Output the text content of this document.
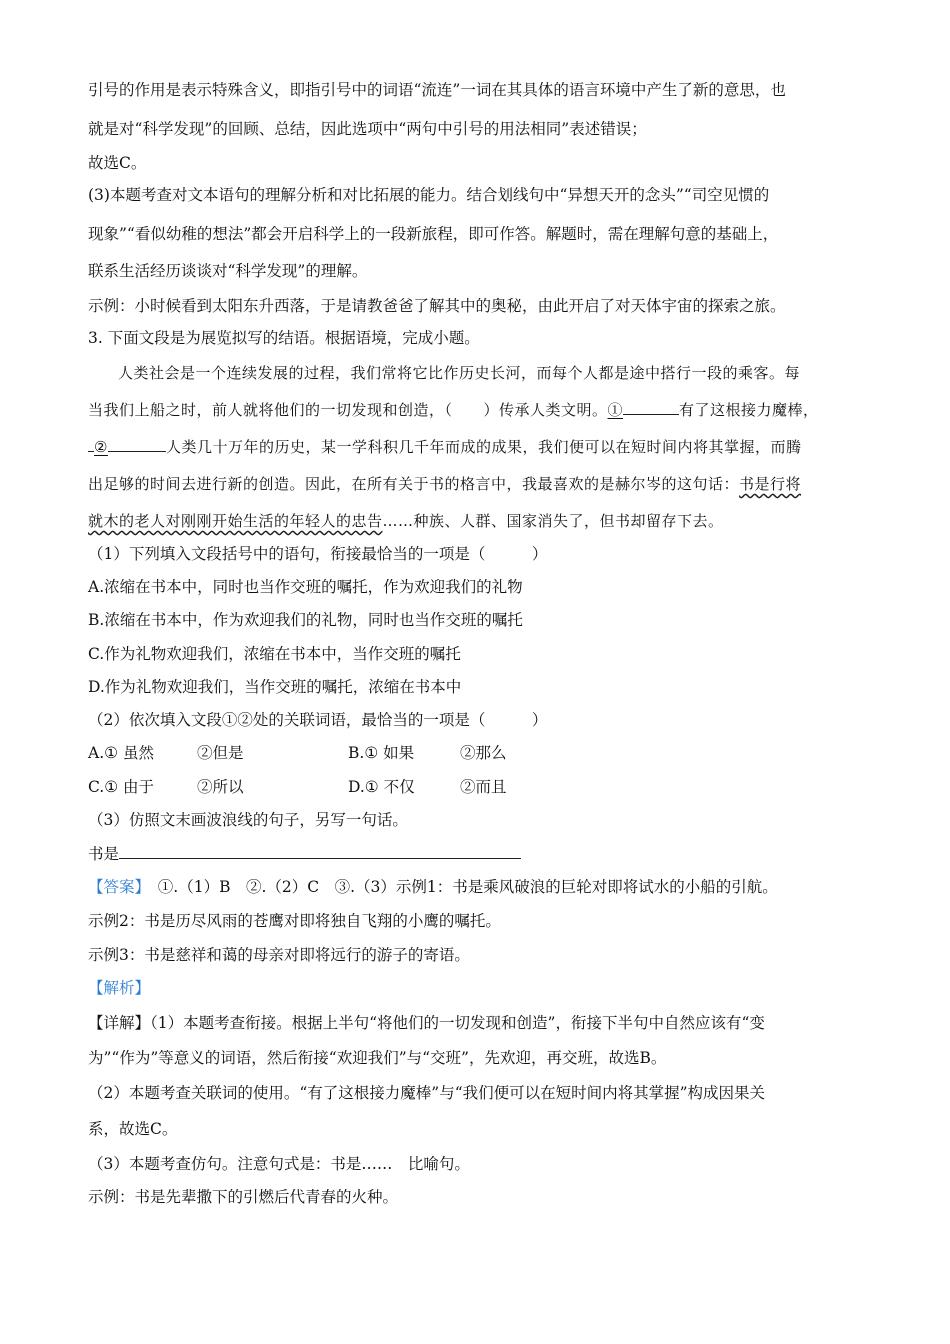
引号的作用是表示特殊含义，即指引号中的词语“流连”一词在其具体的语言环境中产生了新的意思，也
就是对“科学发现”的回顾、总结，因此选项中“两句中引号的用法相同”表述错误；
故选C。
(3)本题考查对文本语句的理解分析和对比拓展的能力。结合划线句中“异想天开的念头”“司空见惯的
现象”“看似幼稚的想法”都会开启科学上的一段新旅程，即可作答。解题时，需在理解句意的基础上，
联系生活经历谈谈对“科学发现”的理解。
示例：小时候看到太阳东升西落，于是请教爸爸了解其中的奥秘，由此开启了对天体宇宙的探索之旅。
3. 下面文段是为展览拟写的结语。根据语境，完成小题。
人类社会是一个连续发展的过程，我们常将它比作历史长河，而每个人都是途中搭行一段的乘客。每
当我们上船之时，前人就将他们的一切发现和创造，（　　）传承人类文明。①	有了这根接力魔棒，
②	人类几十万年的历史，某一学科积几千年而成的成果，我们便可以在短时间内将其掌握，而腾
出足够的时间去进行新的创造。因此，在所有关于书的格言中，我最喜欢的是赫尔岑的这句话：书是行将
就木的老人对刚刚开始生活的年轻人的忠告……种族、人群、国家消失了，但书却留存下去。
（1）下列填入文段括号中的语句，衔接最恰当的一项是（　　　）
A.浓缩在书本中，同时也当作交班的嘱托，作为欢迎我们的礼物
B.浓缩在书本中，作为欢迎我们的礼物，同时也当作交班的嘱托
C.作为礼物欢迎我们，浓缩在书本中，当作交班的嘱托
D.作为礼物欢迎我们，当作交班的嘱托，浓缩在书本中
（2）依次填入文段①②处的关联词语，最恰当的一项是（　　　）
A.① 虽然	②但是	B.① 如果	②那么
C.① 由于	②所以	D.① 不仅	②而且
（3）仿照文末画波浪线的句子，另写一句话。
书是
【答案】　 ①.（1）B　②.（2）C　③.（3）示例1：书是乘风破浪的巨轮对即将试水的小船的引航。
示例2：书是历尽风雨的苍鹰对即将独自飞翔的小鹰的嘱托。
示例3：书是慈祥和蔼的母亲对即将远行的游子的寄语。
【解析】
【详解】（1）本题考查衔接。根据上半句“将他们的一切发现和创造”，衔接下半句中自然应该有“变
为”“作为”等意义的词语，然后衔接“欢迎我们”与“交班”，先欢迎，再交班，故选B。
（2）本题考查关联词的使用。“有了这根接力魔棒”与“我们便可以在短时间内将其掌握”构成因果关
系，故选C。
（3）本题考查仿句。注意句式是：书是……　比喻句。
示例：书是先辈撒下的引燃后代青春的火种。
